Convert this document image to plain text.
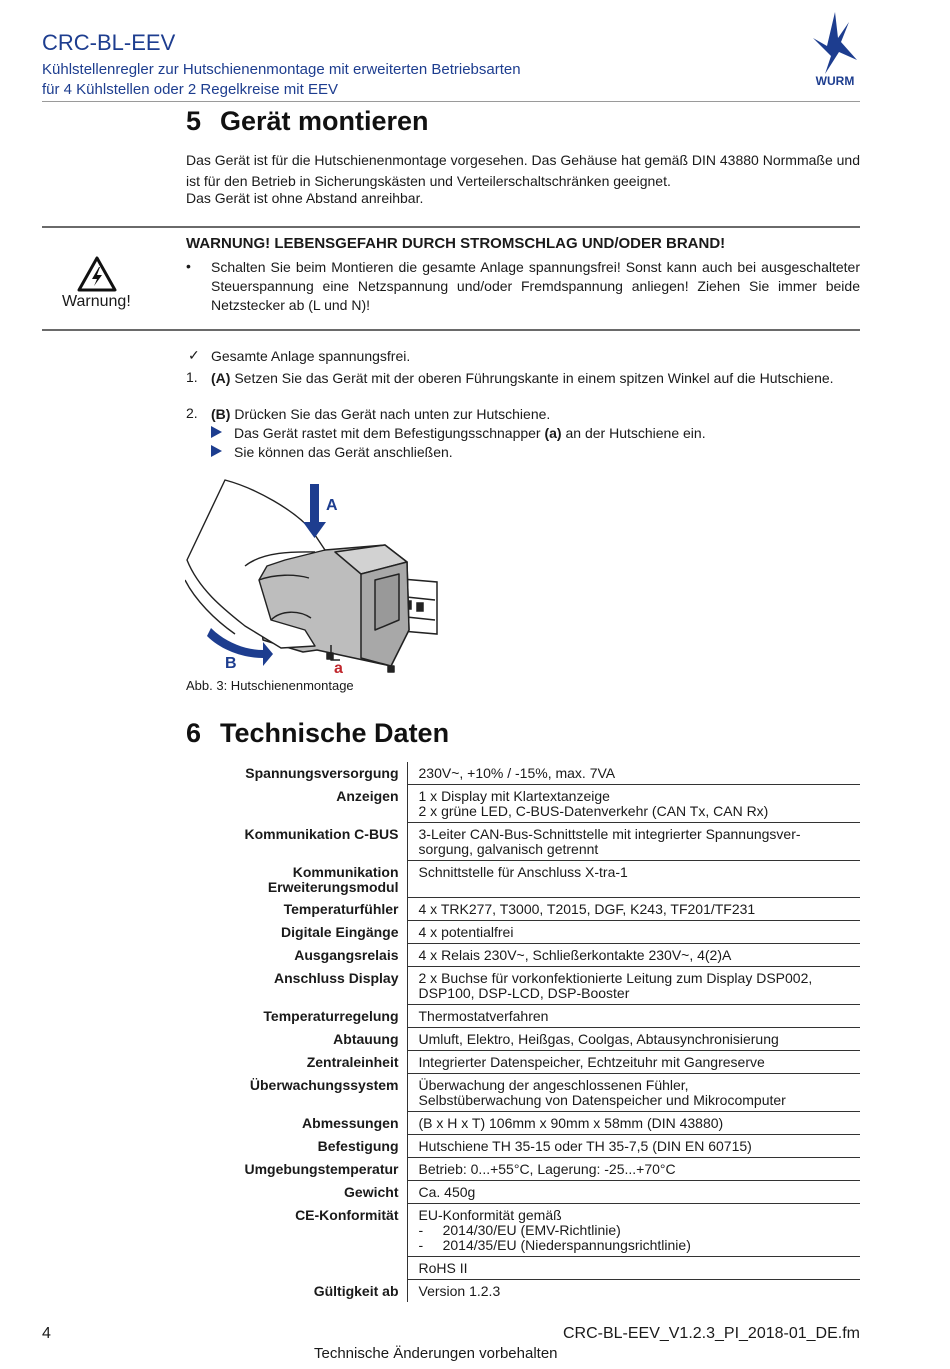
CRC-BL-EEV
Kühlstellenregler zur Hutschienenmontage mit erweiterten Betriebsarten
für 4 Kühlstellen oder 2 Regelkreise mit EEV	WURM
5 Gerät montieren
Das Gerät ist für die Hutschienenmontage vorgesehen. Das Gehäuse hat gemäß DIN 43880 Normmaße und ist für den Betrieb in Sicherungskästen und Verteilerschaltschränken geeignet.
Das Gerät ist ohne Abstand anreihbar.
Warnung!
WARNUNG! LEBENSGEFAHR DURCH STROMSCHLAG UND/ODER BRAND!
• Schalten Sie beim Montieren die gesamte Anlage spannungsfrei! Sonst kann auch bei ausgeschalteter Steuerspannung eine Netzspannung und/oder Fremdspannung anliegen! Ziehen Sie immer beide Netzstecker ab (L und N)!
✓ Gesamte Anlage spannungsfrei.
1. (A) Setzen Sie das Gerät mit der oberen Führungskante in einem spitzen Winkel auf die Hutschiene.
2. (B) Drücken Sie das Gerät nach unten zur Hutschiene.
Das Gerät rastet mit dem Befestigungsschnapper (a) an der Hutschiene ein.
Sie können das Gerät anschließen.
A
B	a
Abb. 3: Hutschienenmontage
6 Technische Daten
Spannungsversorgung	230V~, +10% / -15%, max. 7VA

Anzeigen	1 x Display mit Klartextanzeige
2 x grüne LED, C-BUS-Datenverkehr (CAN Tx, CAN Rx)

Kommunikation C-BUS	3-Leiter CAN-Bus-Schnittstelle mit integrierter Spannungsver-
sorgung, galvanisch getrennt

Kommunikation
Erweiterungsmodul	Schnittstelle für Anschluss X-tra-1

Temperaturfühler	4 x TRK277, T3000, T2015, DGF, K243, TF201/TF231

Digitale Eingänge	4 x potentialfrei

Ausgangsrelais	4 x Relais 230V~, Schließerkontakte 230V~, 4(2)A

Anschluss Display	2 x Buchse für vorkonfektionierte Leitung zum Display DSP002,
DSP100, DSP-LCD, DSP-Booster

Temperaturregelung	Thermostatverfahren

Abtauung	Umluft, Elektro, Heißgas, Coolgas, Abtausynchronisierung

Zentraleinheit	Integrierter Datenspeicher, Echtzeituhr mit Gangreserve

Überwachungssystem	Überwachung der angeschlossenen Fühler,
Selbstüberwachung von Datenspeicher und Mikrocomputer

Abmessungen	(B x H x T) 106mm x 90mm x 58mm (DIN 43880)

Befestigung	Hutschiene TH 35-15 oder TH 35-7,5 (DIN EN 60715)

Umgebungstemperatur	Betrieb: 0...+55°C, Lagerung: -25...+70°C

Gewicht	Ca. 450g

CE-Konformität	EU-Konformität gemäß
-     2014/30/EU (EMV-Richtlinie)
-     2014/35/EU (Niederspannungsrichtlinie)

	RoHS II

Gültigkeit ab	Version 1.2.3
4	CRC-BL-EEV_V1.2.3_PI_2018-01_DE.fm
Technische Änderungen vorbehalten
